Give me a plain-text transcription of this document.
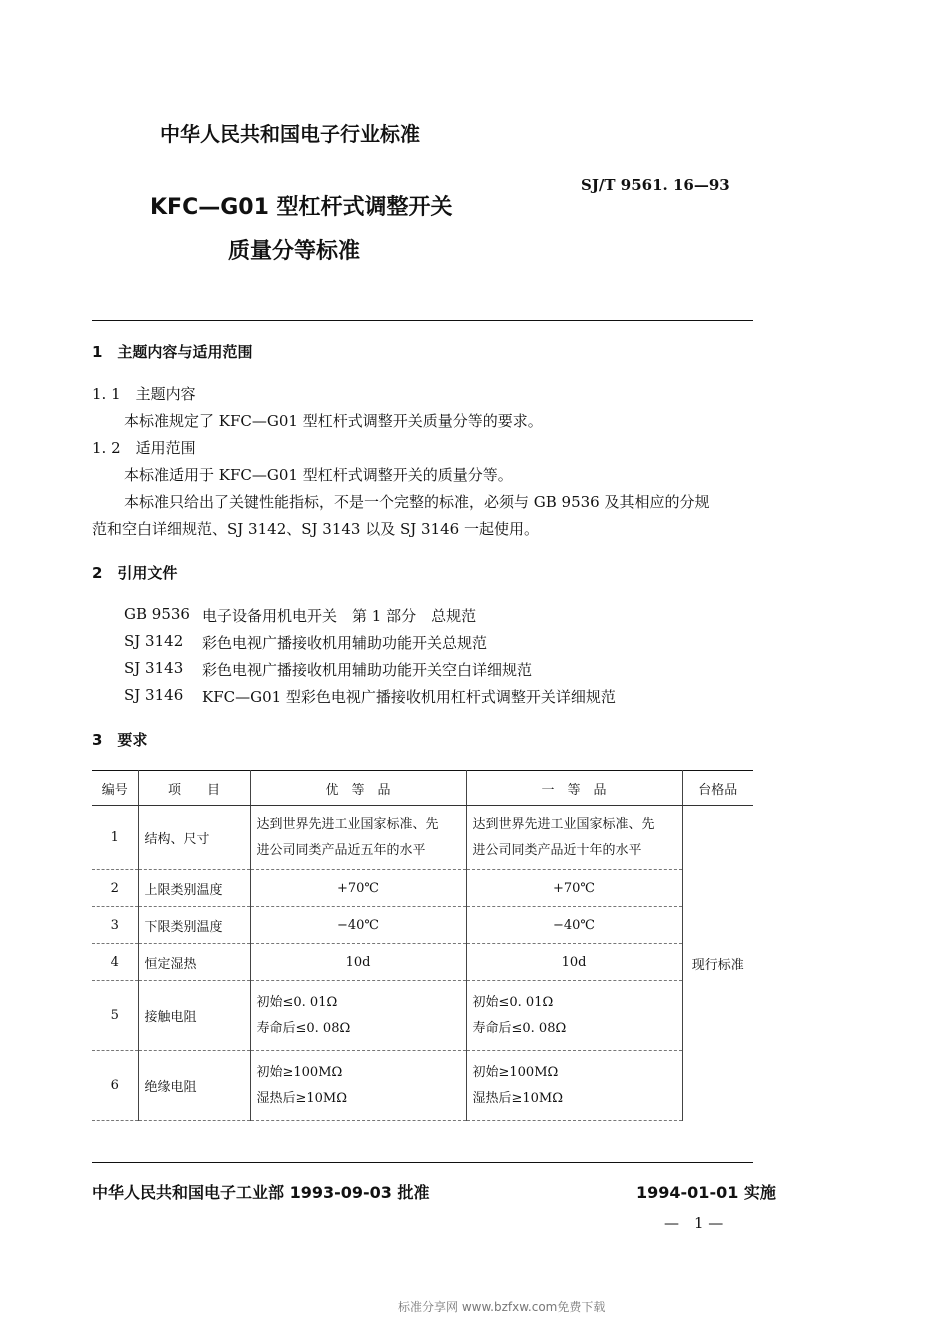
中华人民共和国电子行业标准
SJ/T 9561. 16—93
KFC—G01 型杠杆式调整开关
质量分等标准
1　主题内容与适用范围
1. 1　主题内容
本标准规定了 KFC—G01 型杠杆式调整开关质量分等的要求。
1. 2　适用范围
本标准适用于 KFC—G01 型杠杆式调整开关的质量分等。
本标准只给出了关键性能指标，不是一个完整的标准，必须与 GB 9536 及其相应的分规
范和空白详细规范、SJ 3142、SJ 3143 以及 SJ 3146 一起使用。
2　引用文件
GB 9536 电子设备用机电开关　第 1 部分　总规范
SJ 3142 彩色电视广播接收机用辅助功能开关总规范
SJ 3143 彩色电视广播接收机用辅助功能开关空白详细规范
SJ 3146 KFC—G01 型彩色电视广播接收机用杠杆式调整开关详细规范
3　要求
编号	项　　目	优　等　品	一　等　品	台格品
1	结构、尺寸	达到世界先进工业国家标准、先
进公司同类产品近五年的水平	达到世界先进工业国家标准、先
进公司同类产品近十年的水平	现行标准
2	上限类别温度	+70℃	+70℃	
3	下限类别温度	−40℃	−40℃	
4	恒定湿热	10d	10d	
5	接触电阻	初始≤0. 01Ω
寿命后≤0. 08Ω	初始≤0. 01Ω
寿命后≤0. 08Ω	

6	绝缘电阻	初始≥100MΩ
湿热后≥10MΩ	初始≥100MΩ
湿热后≥10MΩ	
中华人民共和国电子工业部 1993-09-03 批准	1994-01-01 实施
—　1 —
标准分享网 www.bzfxw.com免费下载
